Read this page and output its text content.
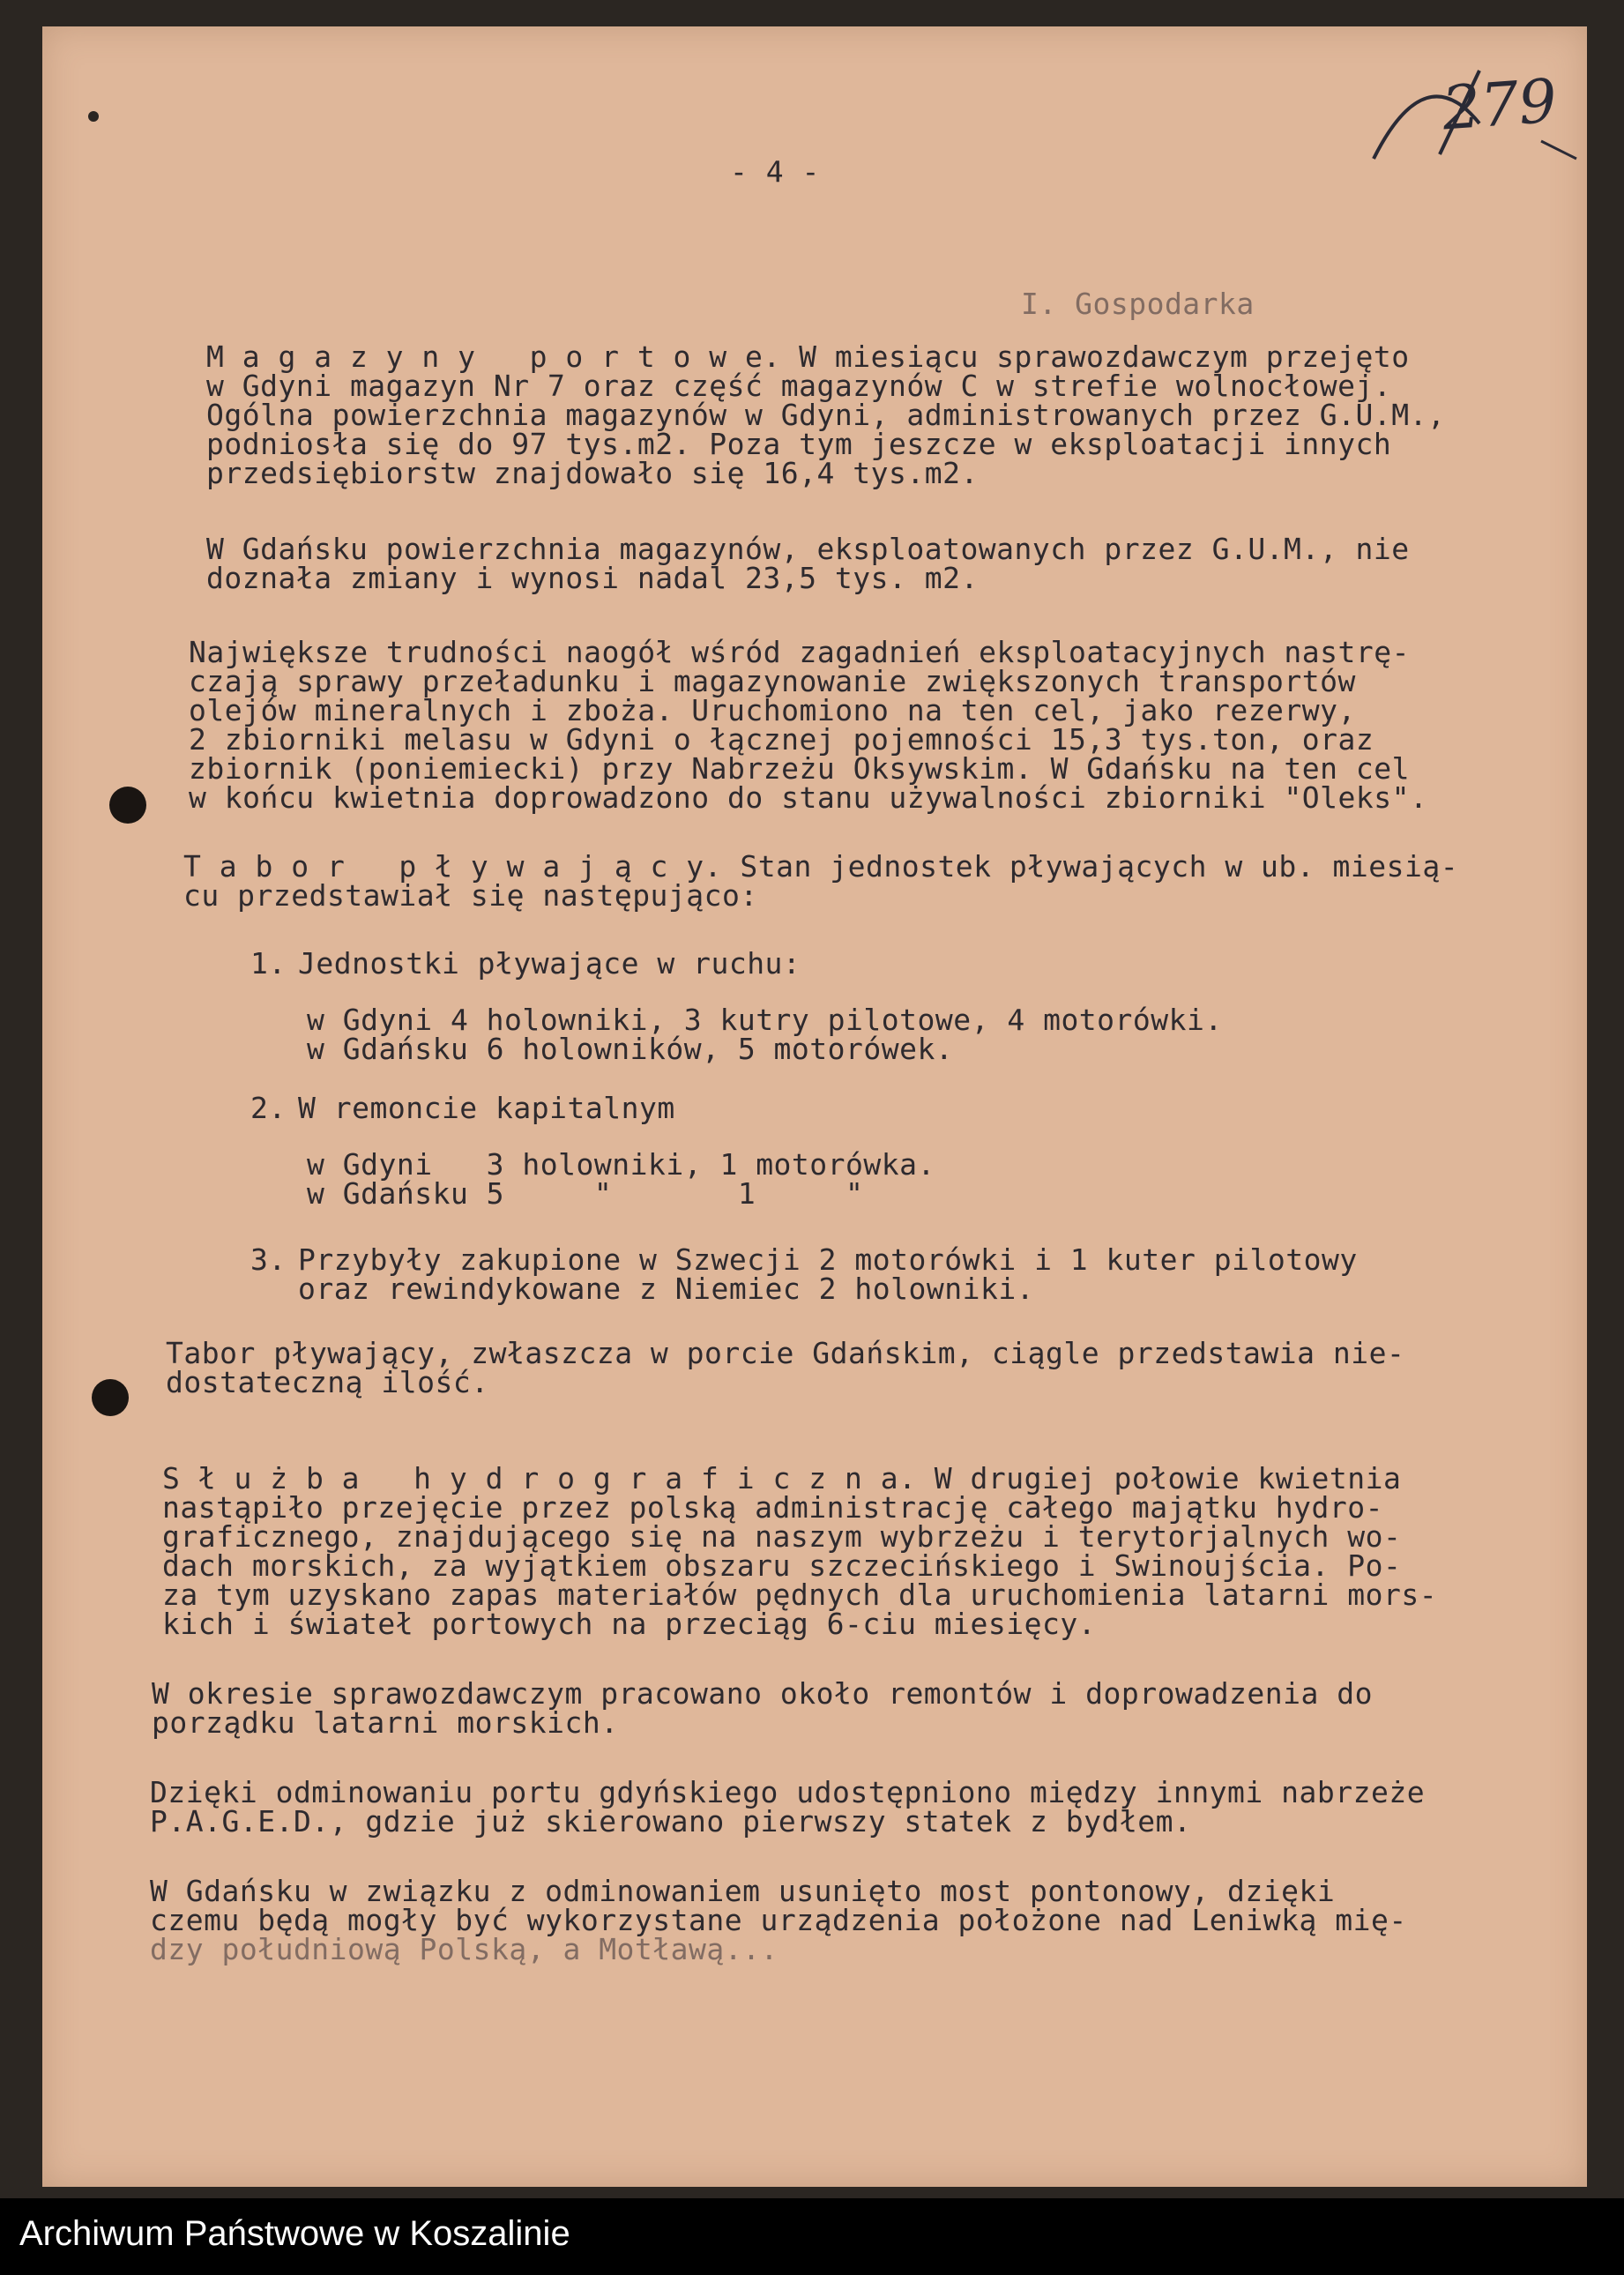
279
- 4 -
I. Gospodarka
M a g a z y n y   p o r t o w e. W miesiącu sprawozdawczym przejęto
w Gdyni magazyn Nr 7 oraz część magazynów C w strefie wolnocłowej.
Ogólna powierzchnia magazynów w Gdyni, administrowanych przez G.U.M.,
podniosła się do 97 tys.m2. Poza tym jeszcze w eksploatacji innych
przedsiębiorstw znajdowało się 16,4 tys.m2.
W Gdańsku powierzchnia magazynów, eksploatowanych przez G.U.M., nie
doznała zmiany i wynosi nadal 23,5 tys. m2.
Największe trudności naogół wśród zagadnień eksploatacyjnych nastrę-
czają sprawy przeładunku i magazynowanie zwiększonych transportów
olejów mineralnych i zboża. Uruchomiono na ten cel, jako rezerwy,
2 zbiorniki melasu w Gdyni o łącznej pojemności 15,3 tys.ton, oraz
zbiornik (poniemiecki) przy Nabrzeżu Oksywskim. W Gdańsku na ten cel
w końcu kwietnia doprowadzono do stanu używalności zbiorniki "Oleks".
T a b o r   p ł y w a j ą c y. Stan jednostek pływających w ub. miesią-
cu przedstawiał się następująco:
1. Jednostki pływające w ruchu:
w Gdyni 4 holowniki, 3 kutry pilotowe, 4 motorówki.
w Gdańsku 6 holowników, 5 motorówek.
2. W remoncie kapitalnym
w Gdyni   3 holowniki, 1 motorówka.
w Gdańsku 5     "       1     "
3. Przybyły zakupione w Szwecji 2 motorówki i 1 kuter pilotowy
oraz rewindykowane z Niemiec 2 holowniki.
Tabor pływający, zwłaszcza w porcie Gdańskim, ciągle przedstawia nie-
dostateczną ilość.
S ł u ż b a   h y d r o g r a f i c z n a. W drugiej połowie kwietnia
nastąpiło przejęcie przez polską administrację całego majątku hydro-
graficznego, znajdującego się na naszym wybrzeżu i terytorjalnych wo-
dach morskich, za wyjątkiem obszaru szczecińskiego i Swinoujścia. Po-
za tym uzyskano zapas materiałów pędnych dla uruchomienia latarni mors-
kich i świateł portowych na przeciąg 6-ciu miesięcy.
W okresie sprawozdawczym pracowano około remontów i doprowadzenia do
porządku latarni morskich.
Dzięki odminowaniu portu gdyńskiego udostępniono między innymi nabrzeże
P.A.G.E.D., gdzie już skierowano pierwszy statek z bydłem.
W Gdańsku w związku z odminowaniem usunięto most pontonowy, dzięki
czemu będą mogły być wykorzystane urządzenia położone nad Leniwką mię-
dzy południową Polską, a Motławą...
Archiwum Państwowe w Koszalinie
